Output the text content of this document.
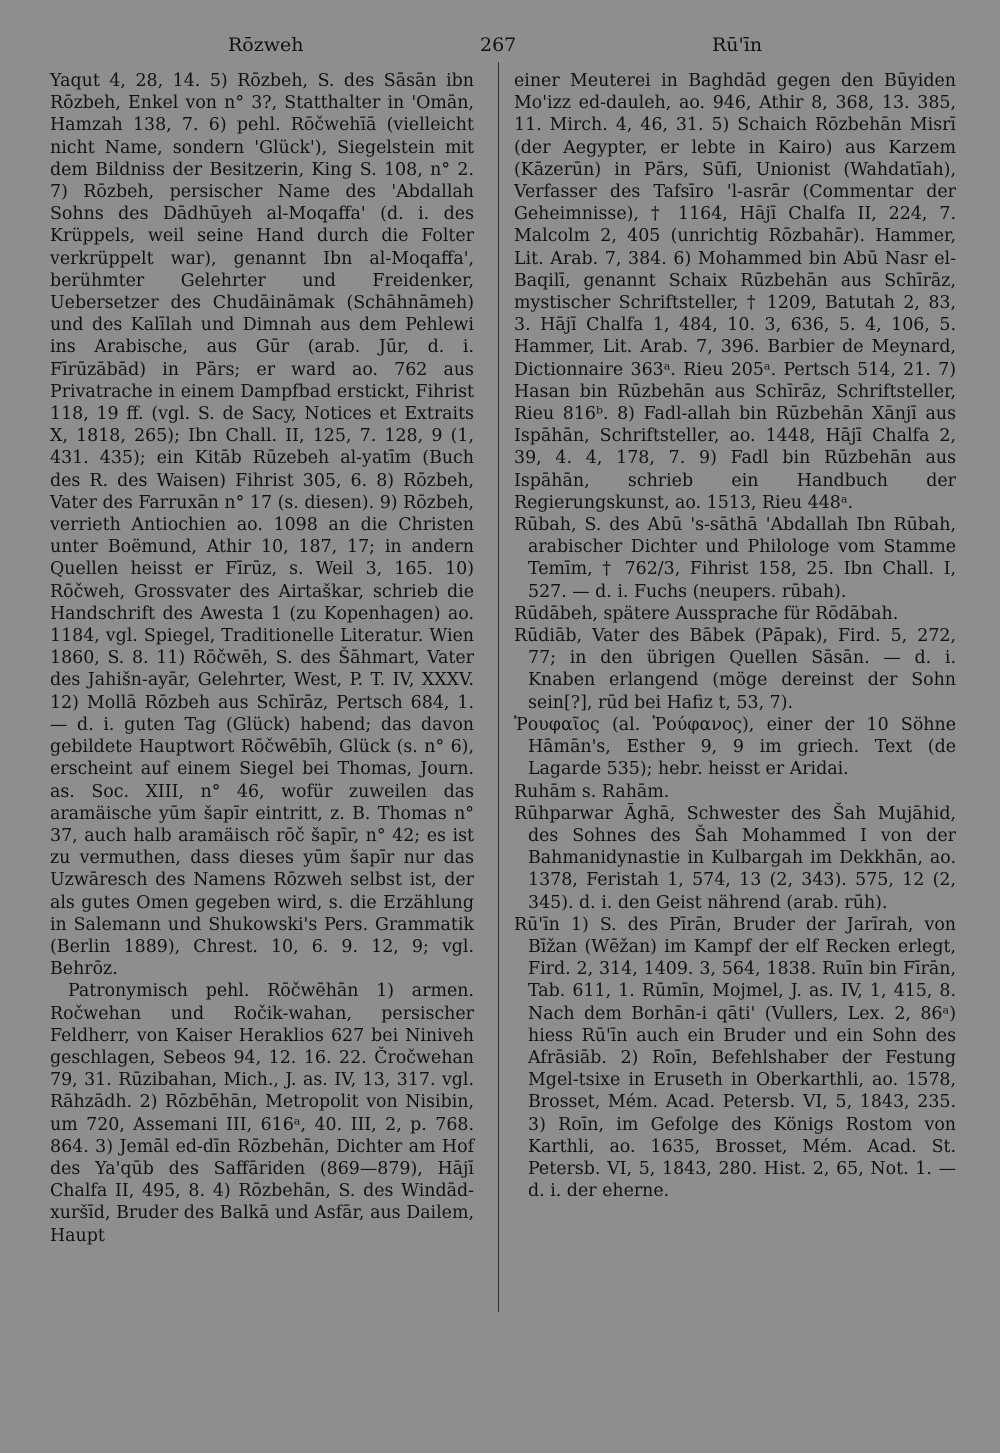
Rōzweh	267	Rū'īn

Yaqut 4, 28, 14. 5) Rōzbeh, S. des Sāsān ibn Rōzbeh, Enkel von n° 3?, Statthalter in 'Omān, Hamzah 138, 7. 6) pehl. Rōčwehīā (vielleicht nicht Name, sondern 'Glück'), Siegelstein mit dem Bildniss der Besitzerin, King S. 108, n° 2. 7) Rōzbeh, persischer Name des 'Abdallah Sohns des Dādhūyeh al-Moqaffa' (d. i. des Krüppels, weil seine Hand durch die Folter verkrüppelt war), genannt Ibn al-Moqaffa', berühmter Gelehrter und Freidenker, Uebersetzer des Chudāināmak (Schāhnāmeh) und des Kalīlah und Dimnah aus dem Pehlewi ins Arabische, aus Gūr (arab. Jūr, d. i. Fīrūzābād) in Pārs; er ward ao. 762 aus Privatrache in einem Dampfbad erstickt, Fihrist 118, 19 ff. (vgl. S. de Sacy, Notices et Extraits X, 1818, 265); Ibn Chall. II, 125, 7. 128, 9 (1, 431. 435); ein Kitāb Rūzebeh al-yatīm (Buch des R. des Waisen) Fihrist 305, 6. 8) Rōzbeh, Vater des Farruxān n° 17 (s. diesen). 9) Rōzbeh, verrieth Antiochien ao. 1098 an die Christen unter Boëmund, Athir 10, 187, 17; in andern Quellen heisst er Fīrūz, s. Weil 3, 165. 10) Rōčweh, Grossvater des Airtaškar, schrieb die Handschrift des Awesta 1 (zu Kopenhagen) ao. 1184, vgl. Spiegel, Traditionelle Literatur. Wien 1860, S. 8. 11) Rōčwēh, S. des Šāhmart, Vater des Jahišn-ayār, Gelehrter, West, P. T. IV, XXXV. 12) Mollā Rōzbeh aus Schīrāz, Pertsch 684, 1. — d. i. guten Tag (Glück) habend; das davon gebildete Hauptwort Rōčwēbīh, Glück (s. n° 6), erscheint auf einem Siegel bei Thomas, Journ. as. Soc. XIII, n° 46, wofür zuweilen das aramäische yūm šapīr eintritt, z. B. Thomas n° 37, auch halb aramäisch rōč šapīr, n° 42; es ist zu vermuthen, dass dieses yūm šapīr nur das Uzwāresch des Namens Rōzweh selbst ist, der als gutes Omen gegeben wird, s. die Erzählung in Salemann und Shukowski's Pers. Grammatik (Berlin 1889), Chrest. 10, 6. 9. 12, 9; vgl. Behrōz.

Patronymisch pehl. Rōčwēhān 1) armen. Ročwehan und Ročik-wahan, persischer Feldherr, von Kaiser Heraklios 627 bei Niniveh geschlagen, Sebeos 94, 12. 16. 22. Čročwehan 79, 31. Rūzibahan, Mich., J. as. IV, 13, 317. vgl. Rāhzādh. 2) Rōzbēhān, Metropolit von Nisibin, um 720, Assemani III, 616ᵃ, 40. III, 2, p. 768. 864. 3) Jemāl ed-dīn Rōzbehān, Dichter am Hof des Ya'qūb des Saffāriden (869—879), Hājī Chalfa II, 495, 8. 4) Rōzbehān, S. des Windād-xuršīd, Bruder des Balkā und Asfār, aus Dailem, Haupt

einer Meuterei in Baghdād gegen den Būyiden Mo'izz ed-dauleh, ao. 946, Athir 8, 368, 13. 385, 11. Mirch. 4, 46, 31. 5) Schaich Rōzbehān Misrī (der Aegypter, er lebte in Kairo) aus Karzem (Kāzerūn) in Pārs, Sūfī, Unionist (Wahdatīah), Verfasser des Tafsīro 'l-asrār (Commentar der Geheimnisse), † 1164, Hājī Chalfa II, 224, 7. Malcolm 2, 405 (unrichtig Rōzbahār). Hammer, Lit. Arab. 7, 384. 6) Mohammed bin Abū Nasr el-Baqilī, genannt Schaix Rūzbehān aus Schīrāz, mystischer Schriftsteller, † 1209, Batutah 2, 83, 3. Hājī Chalfa 1, 484, 10. 3, 636, 5. 4, 106, 5. Hammer, Lit. Arab. 7, 396. Barbier de Meynard, Dictionnaire 363ᵃ. Rieu 205ᵃ. Pertsch 514, 21. 7) Hasan bin Rūzbehān aus Schīrāz, Schriftsteller, Rieu 816ᵇ. 8) Fadl-allah bin Rūzbehān Xānjī aus Ispāhān, Schriftsteller, ao. 1448, Hājī Chalfa 2, 39, 4. 4, 178, 7. 9) Fadl bin Rūzbehān aus Ispāhān, schrieb ein Handbuch der Regierungskunst, ao. 1513, Rieu 448ᵃ.

Rūbah, S. des Abū 's-sāthā 'Abdallah Ibn Rūbah, arabischer Dichter und Philologe vom Stamme Temīm, † 762/3, Fihrist 158, 25. Ibn Chall. I, 527. — d. i. Fuchs (neupers. rūbah).

Rūdābeh, spätere Aussprache für Rōdābah.

Rūdiāb, Vater des Bābek (Pāpak), Fird. 5, 272, 77; in den übrigen Quellen Sāsān. — d. i. Knaben erlangend (möge dereinst der Sohn sein[?], rūd bei Hafiz t, 53, 7).

Ῥουφαῖος (al. Ῥούφανος), einer der 10 Söhne Hāmān's, Esther 9, 9 im griech. Text (de Lagarde 535); hebr. heisst er Aridai.

Ruhām s. Rahām.

Rūhparwar Āghā, Schwester des Šah Mujāhid, des Sohnes des Šah Mohammed I von der Bahmanidynastie in Kulbargah im Dekkhān, ao. 1378, Feristah 1, 574, 13 (2, 343). 575, 12 (2, 345). d. i. den Geist nährend (arab. rūh).

Rū'īn 1) S. des Pīrān, Bruder der Jarīrah, von Bīžan (Wēžan) im Kampf der elf Recken erlegt, Fird. 2, 314, 1409. 3, 564, 1838. Ruīn bin Fīrān, Tab. 611, 1. Rūmīn, Mojmel, J. as. IV, 1, 415, 8. Nach dem Borhān-i qāti' (Vullers, Lex. 2, 86ᵃ) hiess Rū'īn auch ein Bruder und ein Sohn des Afrāsiāb. 2) Roīn, Befehlshaber der Festung Mgel-tsixe in Eruseth in Oberkarthli, ao. 1578, Brosset, Mém. Acad. Petersb. VI, 5, 1843, 235. 3) Roīn, im Gefolge des Königs Rostom von Karthli, ao. 1635, Brosset, Mém. Acad. St. Petersb. VI, 5, 1843, 280. Hist. 2, 65, Not. 1. — d. i. der eherne.
